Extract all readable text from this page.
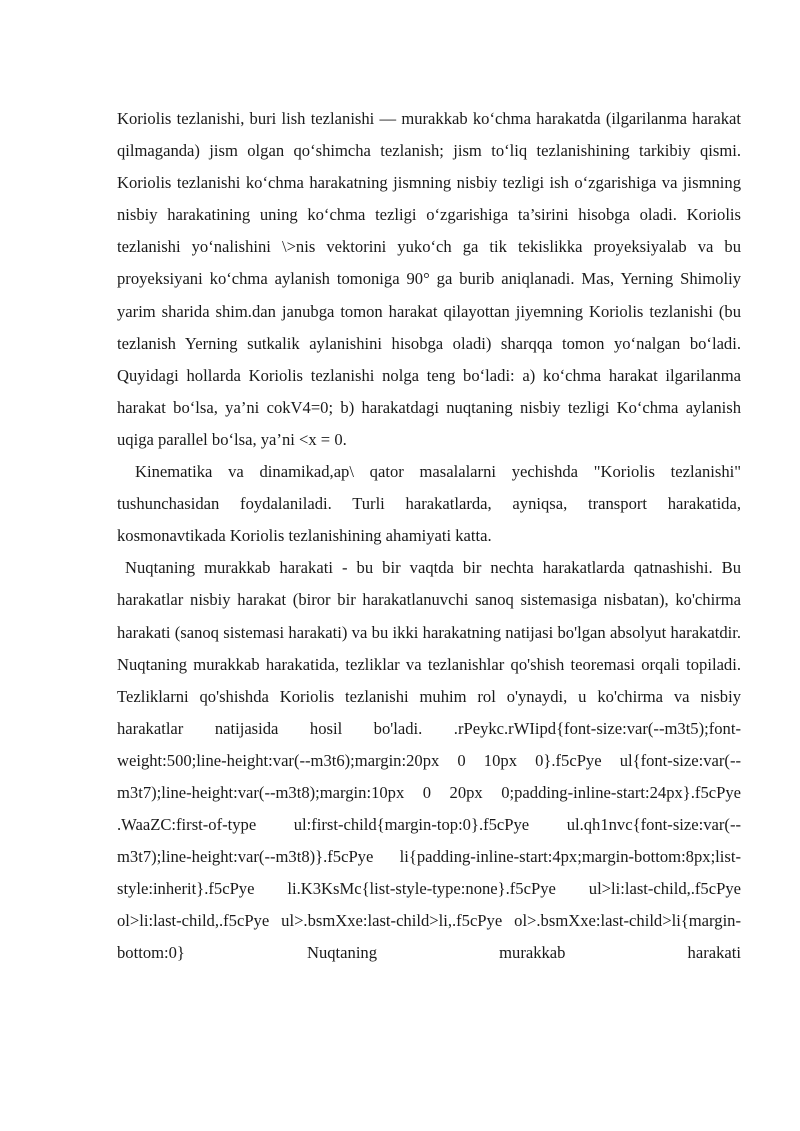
Koriolis tezlanishi, buri lish tezlanishi — murakkab ko‘chma harakatda (ilgarilanma harakat qilmaganda) jism olgan qo‘shimcha tezlanish; jism to‘liq tezlanishining tarkibiy qismi. Koriolis tezlanishi ko‘chma harakatning jismning nisbiy tezligi ish o‘zgarishiga va jismning nisbiy harakatining uning ko‘chma tezligi o‘zgarishiga ta’sirini hisobga oladi. Koriolis tezlanishi yo‘nalishini \>nis vektorini yuko‘ch ga tik tekislikka proyeksiyalab va bu proyeksiyani ko‘chma aylanish tomoniga 90° ga burib aniqlanadi. Mas, Yerning Shimoliy yarim sharida shim.dan janubga tomon harakat qilayottan jiyemning Koriolis tezlanishi (bu tezlanish Yerning sutkalik aylanishini hisobga oladi) sharqqa tomon yo‘nalgan bo‘ladi. Quyidagi hollarda Koriolis tezlanishi nolga teng bo‘ladi: a) ko‘chma harakat ilgarilanma harakat bo‘lsa, ya’ni cokV4=0; b) harakatdagi nuqtaning nisbiy tezligi Ko‘chma aylanish uqiga parallel bo‘lsa, ya’ni <x = 0.

Kinematika va dinamikad,ap\ qator masalalarni yechishda "Koriolis tezlanishi" tushunchasidan foydalaniladi. Turli harakatlarda, ayniqsa, transport harakatida, kosmonavtikada Koriolis tezlanishining ahamiyati katta.

Nuqtaning murakkab harakati - bu bir vaqtda bir nechta harakatlarda qatnashishi. Bu harakatlar nisbiy harakat (biror bir harakatlanuvchi sanoq sistemasiga nisbatan), ko'chirma harakati (sanoq sistemasi harakati) va bu ikki harakatning natijasi bo'lgan absolyut harakatdir. Nuqtaning murakkab harakatida, tezliklar va tezlanishlar qo'shish teoremasi orqali topiladi. Tezliklarni qo'shishda Koriolis tezlanishi muhim rol o'ynaydi, u ko'chirma va nisbiy harakatlar natijasida hosil bo'ladi. .rPeykc.rWIipd{font-size:var(--m3t5);font-weight:500;line-height:var(--m3t6);margin:20px 0 10px 0}.f5cPye ul{font-size:var(--m3t7);line-height:var(--m3t8);margin:10px 0 20px 0;padding-inline-start:24px}.f5cPye .WaaZC:first-of-type ul:first-child{margin-top:0}.f5cPye ul.qh1nvc{font-size:var(--m3t7);line-height:var(--m3t8)}.f5cPye li{padding-inline-start:4px;margin-bottom:8px;list-style:inherit}.f5cPye li.K3KsMc{list-style-type:none}.f5cPye ul>li:last-child,.f5cPye ol>li:last-child,.f5cPye ul>.bsmXxe:last-child>li,.f5cPye ol>.bsmXxe:last-child>li{margin-bottom:0} Nuqtaning murakkab harakati
